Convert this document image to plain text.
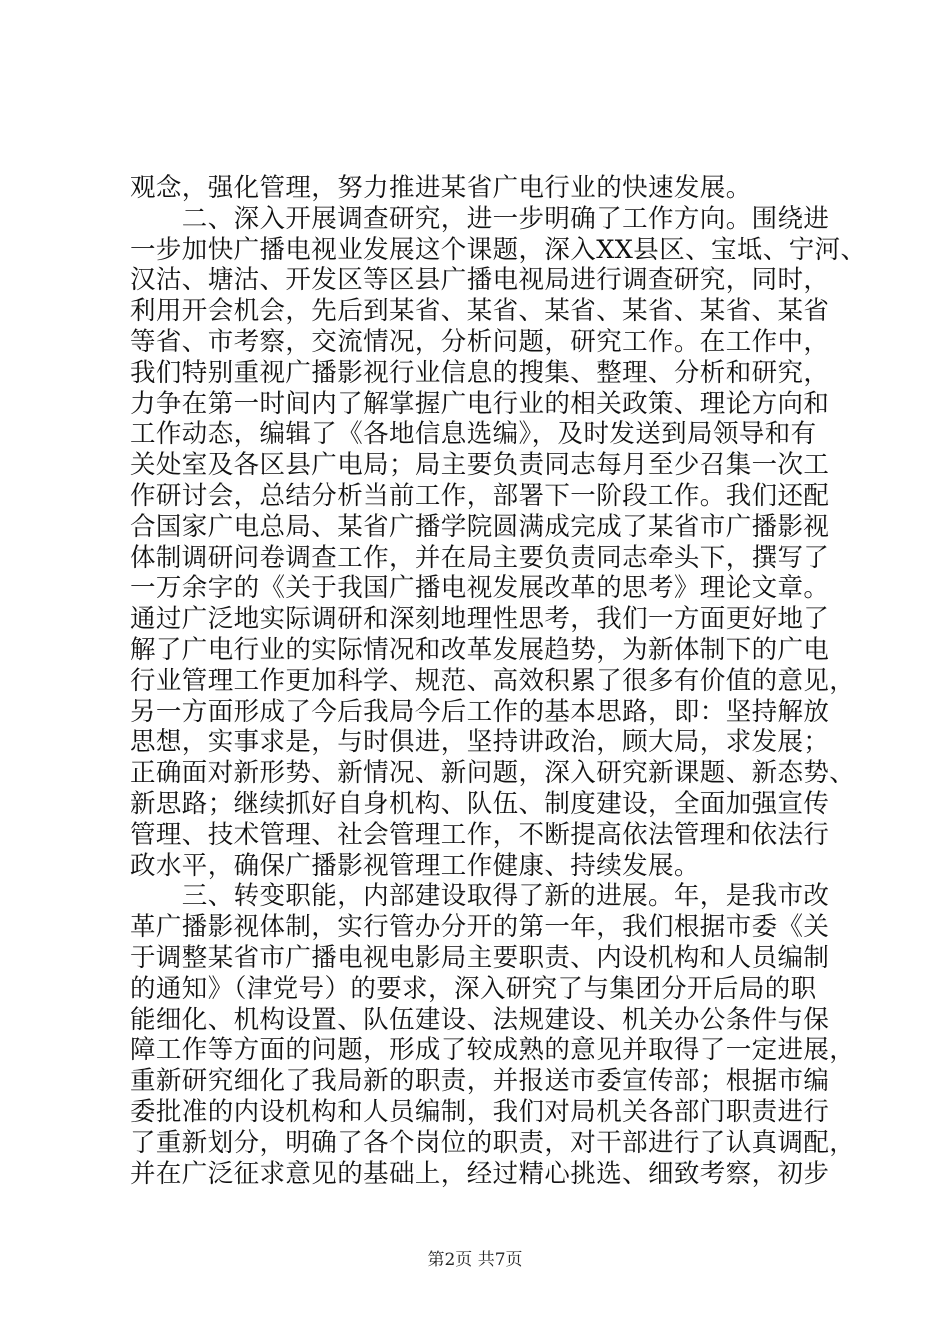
观念，强化管理，努力推进某省广电行业的快速发展。
　　二、深入开展调查研究，进一步明确了工作方向。围绕进
一步加快广播电视业发展这个课题，深入XX县区、宝坻、宁河、
汉沽、塘沽、开发区等区县广播电视局进行调查研究，同时，
利用开会机会，先后到某省、某省、某省、某省、某省、某省
等省、市考察，交流情况，分析问题，研究工作。在工作中，
我们特别重视广播影视行业信息的搜集、整理、分析和研究，
力争在第一时间内了解掌握广电行业的相关政策、理论方向和
工作动态，编辑了《各地信息选编》，及时发送到局领导和有
关处室及各区县广电局；局主要负责同志每月至少召集一次工
作研讨会，总结分析当前工作，部署下一阶段工作。我们还配
合国家广电总局、某省广播学院圆满成完成了某省市广播影视
体制调研问卷调查工作，并在局主要负责同志牵头下，撰写了
一万余字的《关于我国广播电视发展改革的思考》理论文章。
通过广泛地实际调研和深刻地理性思考，我们一方面更好地了
解了广电行业的实际情况和改革发展趋势，为新体制下的广电
行业管理工作更加科学、规范、高效积累了很多有价值的意见，
另一方面形成了今后我局今后工作的基本思路，即：坚持解放
思想，实事求是，与时俱进，坚持讲政治，顾大局，求发展；
正确面对新形势、新情况、新问题，深入研究新课题、新态势、
新思路；继续抓好自身机构、队伍、制度建设，全面加强宣传
管理、技术管理、社会管理工作，不断提高依法管理和依法行
政水平，确保广播影视管理工作健康、持续发展。
　　三、转变职能，内部建设取得了新的进展。年，是我市改
革广播影视体制，实行管办分开的第一年，我们根据市委《关
于调整某省市广播电视电影局主要职责、内设机构和人员编制
的通知》（津党号）的要求，深入研究了与集团分开后局的职
能细化、机构设置、队伍建设、法规建设、机关办公条件与保
障工作等方面的问题，形成了较成熟的意见并取得了一定进展，
重新研究细化了我局新的职责，并报送市委宣传部；根据市编
委批准的内设机构和人员编制，我们对局机关各部门职责进行
了重新划分，明确了各个岗位的职责，对干部进行了认真调配，
并在广泛征求意见的基础上，经过精心挑选、细致考察，初步
第2页 共7页
